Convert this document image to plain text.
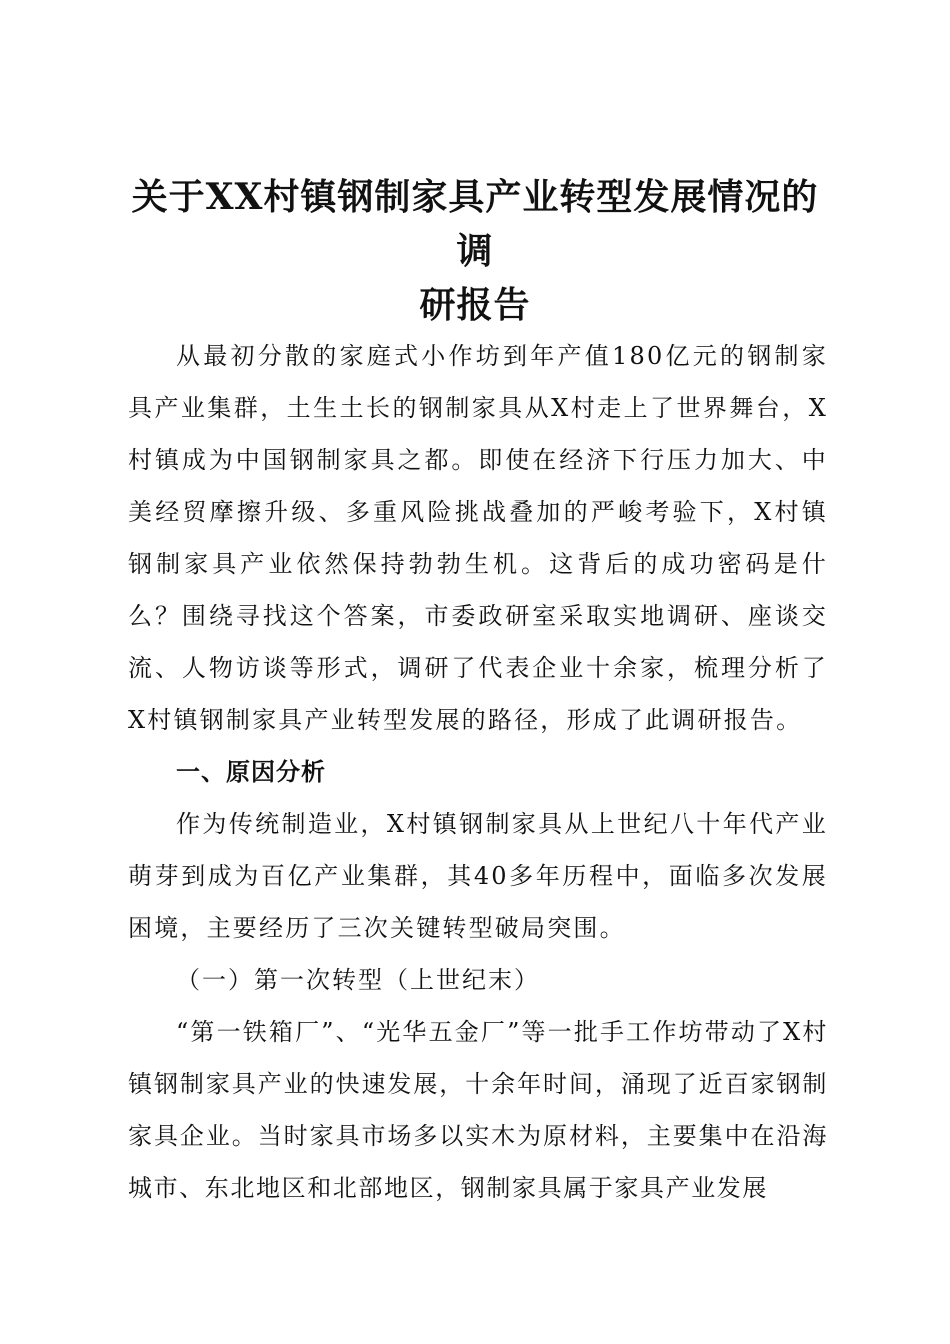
关于XX村镇钢制家具产业转型发展情况的调
研报告

从最初分散的家庭式小作坊到年产值180亿元的钢制家具产业集群，土生土长的钢制家具从X村走上了世界舞台，X村镇成为中国钢制家具之都。即使在经济下行压力加大、中美经贸摩擦升级、多重风险挑战叠加的严峻考验下，X村镇钢制家具产业依然保持勃勃生机。这背后的成功密码是什么？围绕寻找这个答案，市委政研室采取实地调研、座谈交流、人物访谈等形式，调研了代表企业十余家，梳理分析了X村镇钢制家具产业转型发展的路径，形成了此调研报告。

一、原因分析

作为传统制造业，X村镇钢制家具从上世纪八十年代产业萌芽到成为百亿产业集群，其40多年历程中，面临多次发展困境，主要经历了三次关键转型破局突围。

（一）第一次转型（上世纪末）

“第一铁箱厂”、“光华五金厂”等一批手工作坊带动了X村镇钢制家具产业的快速发展，十余年时间，涌现了近百家钢制家具企业。当时家具市场多以实木为原材料，主要集中在沿海城市、东北地区和北部地区，钢制家具属于家具产业发展
